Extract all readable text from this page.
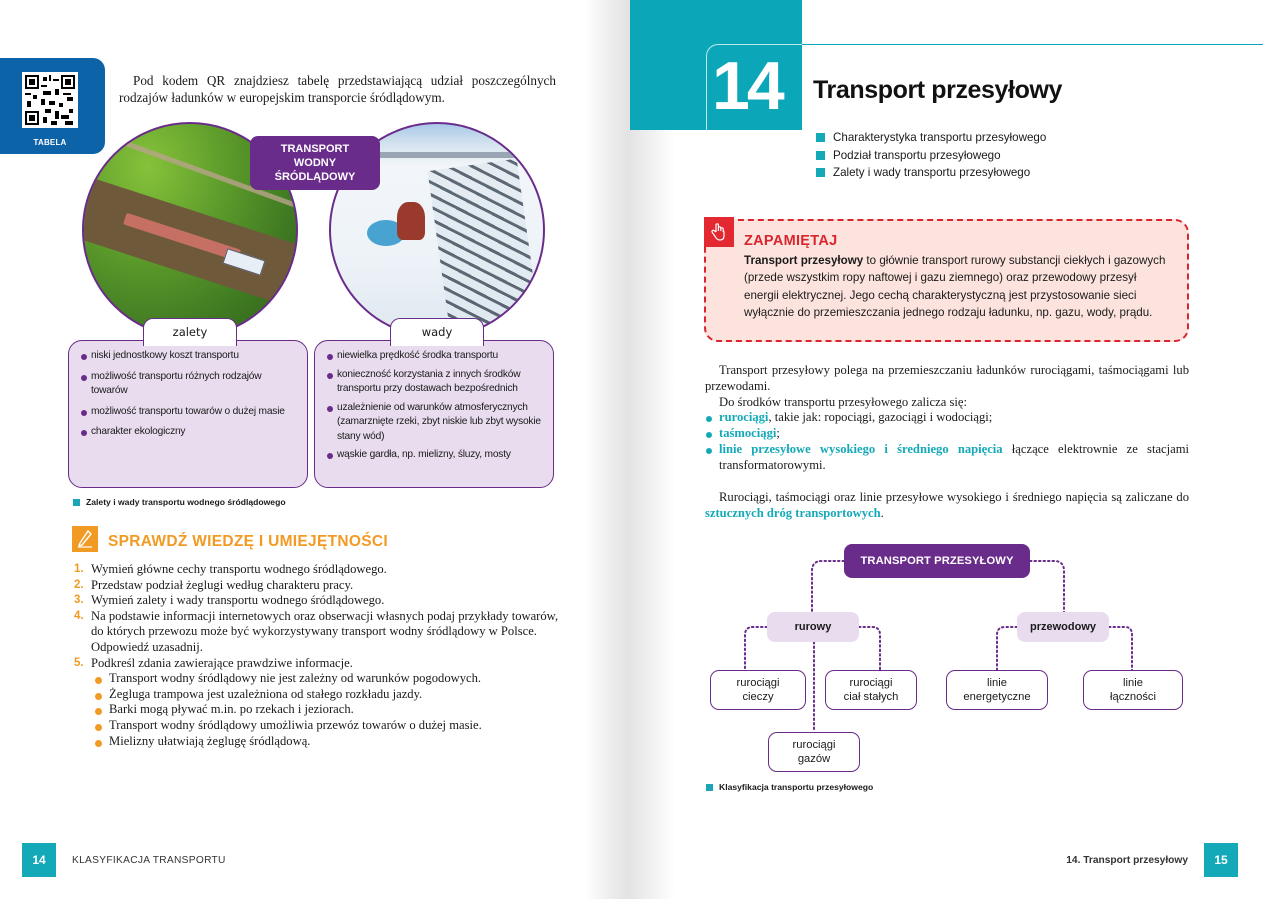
TABELA

Pod kodem QR znajdziesz tabelę przedstawiającą udział poszczególnych rodzajów ładunków w europejskim transporcie śródlądowym.

TRANSPORT
WODNY
ŚRÓDLĄDOWY
zalety	wady
niski jednostkowy koszt transportu
możliwość transportu różnych rodzajów towarów
możliwość transportu towarów o dużej masie
charakter ekologiczny
niewielka prędkość środka transportu
konieczność korzystania z innych środków transportu przy dostawach bezpośrednich
uzależnienie od warunków atmosferycznych (zamarznięte rzeki, zbyt niskie lub zbyt wysokie stany wód)
wąskie gardła, np. mielizny, śluzy, mosty
Zalety i wady transportu wodnego śródlądowego
SPRAWDŹ WIEDZĘ I UMIEJĘTNOŚCI
1. Wymień główne cechy transportu wodnego śródlądowego.
2. Przedstaw podział żeglugi według charakteru pracy.
3. Wymień zalety i wady transportu wodnego śródlądowego.
4. Na podstawie informacji internetowych oraz obserwacji własnych podaj przykłady towarów, do których przewozu może być wykorzystywany transport wodny śródlądowy w Polsce. Odpowiedź uzasadnij.
5. Podkreśl zdania zawierające prawdziwe informacje.
Transport wodny śródlądowy nie jest zależny od warunków pogodowych.
Żegluga trampowa jest uzależniona od stałego rozkładu jazdy.
Barki mogą pływać m.in. po rzekach i jeziorach.
Transport wodny śródlądowy umożliwia przewóz towarów o dużej masie.
Mielizny ułatwiają żeglugę śródlądową.
14	KLASYFIKACJA TRANSPORTU
14 Transport przesyłowy
Charakterystyka transportu przesyłowego
Podział transportu przesyłowego
Zalety i wady transportu przesyłowego
ZAPAMIĘTAJ

Transport przesyłowy to głównie transport rurowy substancji ciekłych i gazowych (przede wszystkim ropy naftowej i gazu ziemnego) oraz przewodowy przesył energii elektrycznej. Jego cechą charakterystyczną jest przystosowanie sieci wyłącznie do przemieszczania jednego rodzaju ładunku, np. gazu, wody, prądu.

Transport przesyłowy polega na przemieszczaniu ładunków rurociągami, taśmociągami lub przewodami.

Do środków transportu przesyłowego zalicza się:

rurociągi, takie jak: ropociągi, gazociągi i wodociągi;
taśmociągi;
linie przesyłowe wysokiego i średniego napięcia łączące elektrownie ze stacjami transformatorowymi.

Rurociągi, taśmociągi oraz linie przesyłowe wysokiego i średniego napięcia są zaliczane do sztucznych dróg transportowych.

TRANSPORT PRZESYŁOWY
rurowy	przewodowy
rurociągi
cieczy
rurociągi
ciał stałych
rurociągi
gazów
linie
energetyczne
linie
łączności
Klasyfikacja transportu przesyłowego
14. Transport przesyłowy	15
